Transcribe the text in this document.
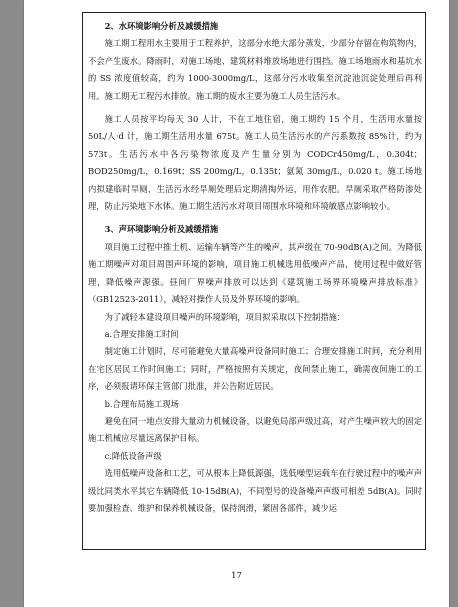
2、水环境影响分析及减缓措施

施工期工程用水主要用于工程养护，这部分水绝大部分蒸发，少部分存留在构筑物内，不会产生废水。降雨时，对施工场地、建筑材料堆放场地进行围挡。施工场地雨水和基坑水的 SS 浓度值较高，约为 1000-3000mg/L，这部分污水收集至沉淀池沉淀处理后再利用。施工期无工程污水排放。施工期的废水主要为施工人员生活污水。

施工人员按平均每天 30 人计，不在工地住宿，施工期约 15 个月，生活用水量按 50L/人·d 计，施工期生活用水量 675t。施工人员生活污水的产污系数按 85%计，约为 573t。生活污水中各污染物浓度及产生量分别为 CODCr450mg/L，0.304t；BOD250mg/L，0.169t；SS 200mg/L，0.135t；氨氮 30mg/L，0.020 t。施工场地内拟建临时旱厕，生活污水经旱厕处理后定期清掏外运，用作农肥。旱厕采取严格防渗处理，防止污染地下水体。施工期生活污水对项目周围水环境和环境敏感点影响较小。

3、声环境影响分析及减缓措施

项目施工过程中推土机、运输车辆等产生的噪声，其声级在 70-90dB(A)之间。为降低施工期噪声对项目周围声环境的影响，项目施工机械选用低噪声产品，使用过程中做好管理，降低噪声源强。昼间厂界噪声排放可以达到《建筑施工场界环境噪声排放标准》（GB12523-2011），减轻对操作人员及外界环境的影响。

为了减轻本建设项目噪声的环境影响，项目拟采取以下控制措施：

a.合理安排施工时间

制定施工计划时，尽可能避免大量高噪声设备同时施工；合理安排施工时间，充分利用在宅区居民工作时间施工；同时，严格按照有关规定，夜间禁止施工，确需夜间施工的工序，必须报请环保主管部门批准，并公告附近居民。

b.合理布局施工现场

避免在同一地点安排大量动力机械设备，以避免局部声级过高，对产生噪声较大的固定施工机械应尽量远离保护目标。

c.降低设备声级

选用低噪声设备和工艺，可从根本上降低源强，选低噪型运载车在行驶过程中的噪声声级比同类水平其它车辆降低 10-15dB(A)，不同型号的设备噪声声级可相差 5dB(A)。同时要加强检查、维护和保养机械设备，保持润滑，紧固各部件，减少运

17
